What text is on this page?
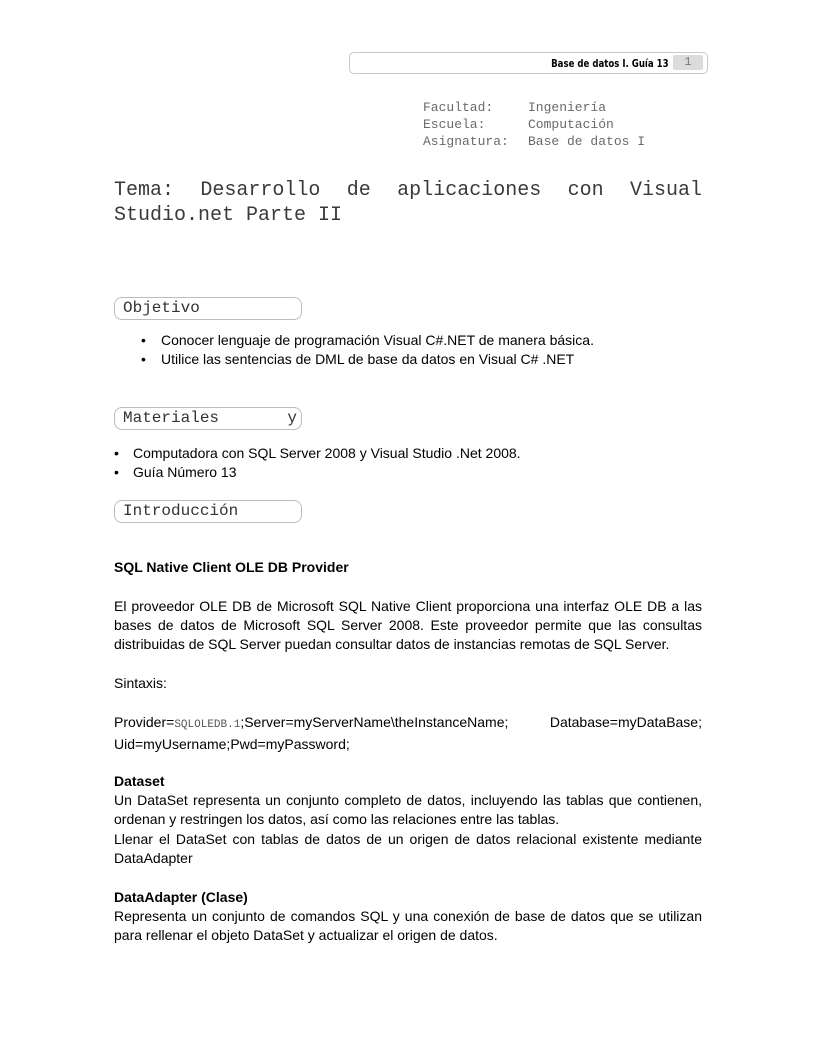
Base de datos I. Guía 13	1
Facultad:	Ingeniería
Escuela:	Computación
Asignatura: Base de datos I
Tema: Desarrollo de aplicaciones con Visual Studio.net Parte II
Objetivo
• Conocer lenguaje de programación Visual C#.NET de manera básica.
• Utilice las sentencias de DML de base da datos en Visual C# .NET
Materiales	y
• Computadora con SQL Server 2008 y Visual Studio .Net 2008.
• Guía Número 13
Introducción
SQL Native Client OLE DB Provider
El proveedor OLE DB de Microsoft SQL Native Client proporciona una interfaz OLE DB a las bases de datos de Microsoft SQL Server 2008. Este proveedor permite que las consultas distribuidas de SQL Server puedan consultar datos de instancias remotas de SQL Server.
Sintaxis:
Provider=SQLOLEDB.1;Server=myServerName\theInstanceName; Database=myDataBase; Uid=myUsername;Pwd=myPassword;
Dataset
Un DataSet representa un conjunto completo de datos, incluyendo las tablas que contienen, ordenan y restringen los datos, así como las relaciones entre las tablas.
Llenar el DataSet con tablas de datos de un origen de datos relacional existente mediante DataAdapter
DataAdapter (Clase)
Representa un conjunto de comandos SQL y una conexión de base de datos que se utilizan para rellenar el objeto DataSet y actualizar el origen de datos.
